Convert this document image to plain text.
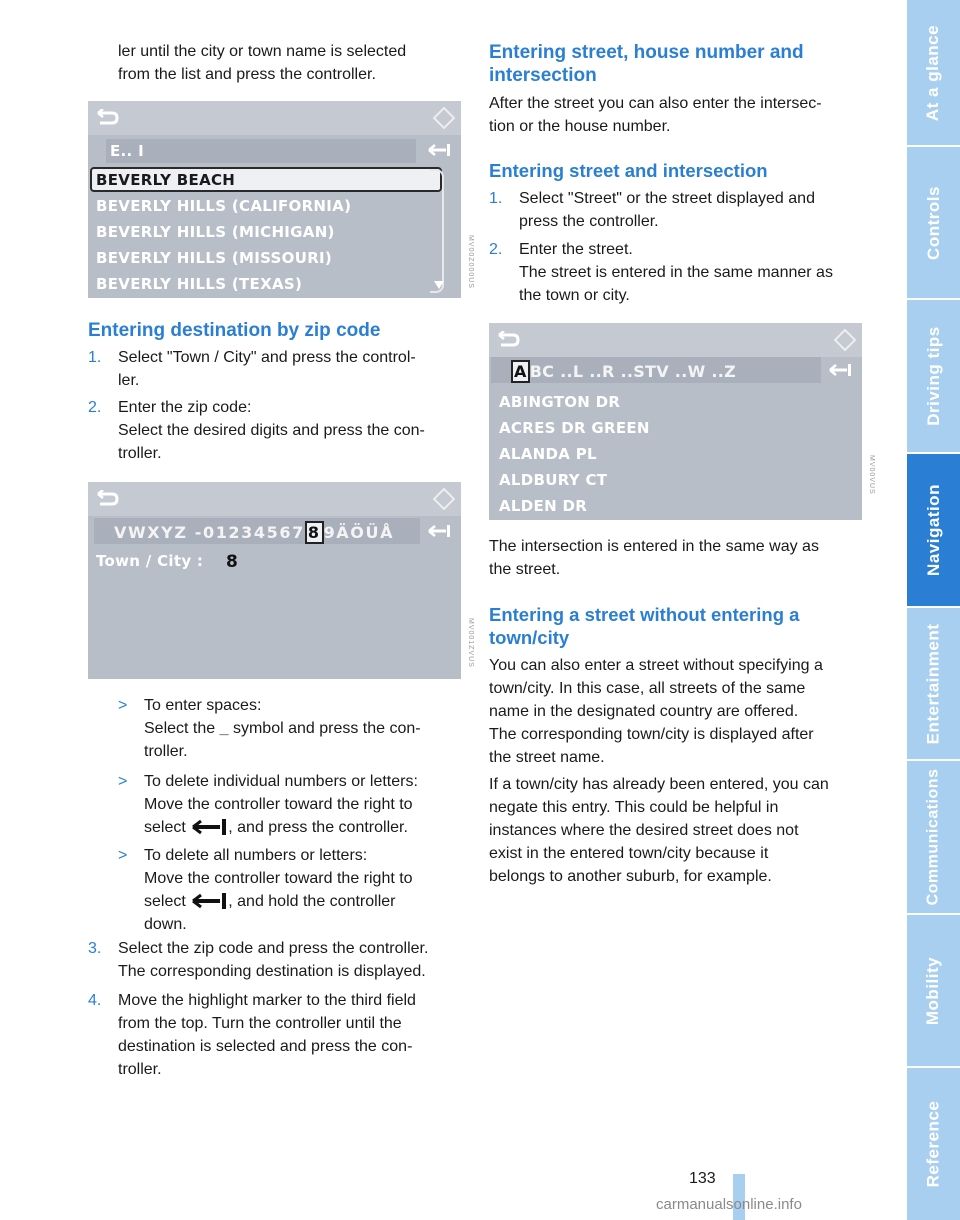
ler until the city or town name is selected
from the list and press the controller.
E.. I
BEVERLY BEACH
BEVERLY HILLS (CALIFORNIA)
BEVERLY HILLS (MICHIGAN)
BEVERLY HILLS (MISSOURI)
BEVERLY HILLS (TEXAS)	MV00Z000US
Entering destination by zip code
1. Select "Town / City" and press the control-
ler.
2. Enter the zip code:
Select the desired digits and press the con-
troller.
VWXYZ -01234567 8 9ÄÖÜÅ
Town / City : 8
MV001ZVUS
> To enter spaces:
Select the _ symbol and press the con-
troller.
> To delete individual numbers or letters:
Move the controller toward the right to
select	, and press the controller.
> To delete all numbers or letters:
Move the controller toward the right to
select	, and hold the controller
down.
3. Select the zip code and press the controller.
The corresponding destination is displayed.
4. Move the highlight marker to the third field
from the top. Turn the controller until the
destination is selected and press the con-
troller.
Entering street, house number and
intersection
After the street you can also enter the intersec-
tion or the house number.
Entering street and intersection
1. Select "Street" or the street displayed and
press the controller.
2. Enter the street.
The street is entered in the same manner as
the town or city.
A BC ..L ..R ..STV ..W ..Z
ABINGTON DR
ACRES DR GREEN
ALANDA PL
ALDBURY CT
ALDEN DR
MV00VUS
The intersection is entered in the same way as
the street.
Entering a street without entering a
town/city
You can also enter a street without specifying a
town/city. In this case, all streets of the same
name in the designated country are offered.
The corresponding town/city is displayed after
the street name.
If a town/city has already been entered, you can
negate this entry. This could be helpful in
instances where the desired street does not
exist in the entered town/city because it
belongs to another suburb, for example.
At a glance
Controls
Driving tips
Navigation
Entertainment
Communications
Mobility
Reference
133
carmanualsonline.info
